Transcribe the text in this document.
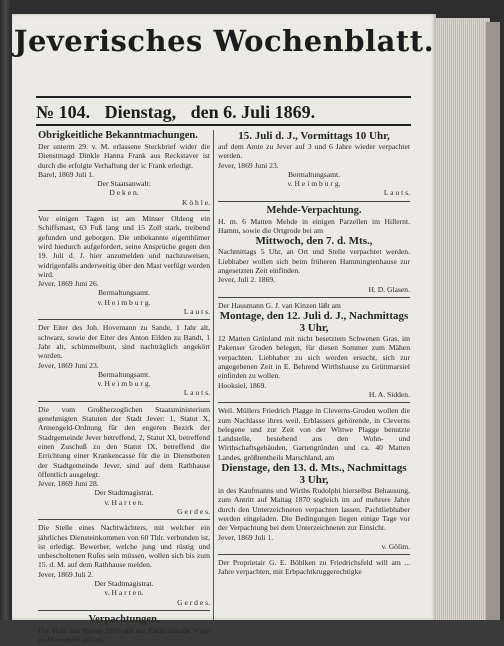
Jeverisches Wochenblatt.
№ 104. Dienstag, den 6. Juli 1869.
Obrigkeitliche Bekanntmachungen.

Der unterm 29. v. M. erlassene Steckbrief wider die Dienstmagd Dinkle Hanna Frank aus Reckstaver ist durch die erfolgte Verhaftung der ic Frank erledigt.

Barel, 1869 Juli 1.
Der Staatsanwalt:
D e k e n.
K ö h l e.

Vor einigen Tagen ist am Minser Oldeog ein Schiffsmast, 63 Fuß lang und 15 Zoll stark, treibend gefunden und geborgen. Die unbekannte eigenthümer wird hiedurch aufgefordert, seine Ansprüche gegen den 19. Juli d. J. hier anzumelden und nachzuweisen, widrigenfalls anderweitig über den Mast verfügt werden wird.

Jever, 1869 Juni 26.
Bermaltungsamt.
v. H e i m b u r g.
L a u t s.

Der Eiter des Joh. Hovemann zu Sande, 1 Jahr alt, schwarz, sowie der Eiter des Anton Eilden zu Bandt, 1 Jahr alt, schimmelbunt, sind nachträglich angekört worden.

Jever, 1869 Juni 23.
Bermaltungsamt.
v. H e i m b u r g.
L a u t s.

Die vom Großherzoglichen Staatsministerium genehmigten Statuten der Stadt Jever: 1, Statut X, Armengeld-Ordnung für den engeren Bezirk der Stadtgemeinde Jever betreffend, 2, Statut XI, betreffend einen Zuschuß zu den Statut IX, betreffend die Errichtung einer Krankencasse für die in Dienstboten der Stadtgemeinde Jever, sind auf dem Rathhause öffentlich ausgelegt.

Jever, 1869 Juni 28.
Der Stadtmagistrat.
v. H a r t e n.
G e r d e s.

Die Stelle eines Nachtwächters, mit welcher ein jährliches Diensteinkommen von 60 Thlr. verbunden ist, ist erledigt. Bewerber, welche jung und rüstig und unbescholtenen Rufes sein müssen, wollen sich bis zum 15. d. M. auf dem Rathhause melden.

Jever, 1869 Juli 2.
Der Stadtmagistrat.
v. H a r t e n.
G e r d e s.
Verpachtungen.

Der Holz mit Raitag 1870 auf der Pacht tzleude Wage zu Mariensiel soll am

15. Juli d. J., Vormittags 10 Uhr,

auf dem Amte zu Jever auf 3 und 6 Jahre wieder verpachtet werden.

Jever, 1869 Juni 23.
Bermaltungsamt.
v. H e i m b u r g.
L a u t s.
Mehde-Verpachtung.

H. m. 6 Matten Mehde in einigen Parzellen im Hillernt. Hamm, sowie die Ortgrode bei am

Mittwoch, den 7. d. Mts.,

Nachmittags 5 Uhr, an Ort und Stelle verpachtet werden. Liebhaber wollen sich beim früheren Hammingtenhause zur angesetzten Zeit einfinden.

Jever, Juli 2. 1869.
H. D. Glasen.

Der Hausmann G. J. van Kinzen läßt am

Montage, den 12. Juli d. J., Nachmittags 3 Uhr,

12 Matten Grünland mit nicht besetztem Schwenen Gras, im Pakenser Groden belegen, für diesen Sommer zum Mähen verpachten. Liebhaber zu sich werden ersucht, sich zur angegebenen Zeit in E. Behrend Wirthshause zu Grüttmarsiel einfinden zu wollen.

Hooksiel, 1869.
H. A. Sidden.

Weil. Müllers Friedrich Plagge in Cleverns-Groden wollen die zum Nachlasse ihres weil. Erblassers gehörende, in Cleverns belegene und zur Zeit von der Wittwe Plagge benutzte Landstelle, bestehend aus den Wohn- und Wirthschaftsgebäuden, Gartengründen und ca. 40 Matten Landes, größtentheils Marschland, am

Dienstage, den 13. d. Mts., Nachmittags 3 Uhr,

in des Kaufmanns und Wirths Rudolphi hierselbst Behausung, zum Antritt auf Maitag 1870 sogleich im auf mehrere Jahre durch den Unterzeichneten verpachten lassen. Pachtliebhaber werden eingeladen. Die Bedingungen liegen einige Tage vor der Verpachtung bei dem Unterzeichneten zur Einsicht.

Jever, 1869 Juli 1.
v. Gölim.

Der Proprietair G. E. Böhlken zu Friedrichsfeld will am ... Jahre verpachten, mit Erbpachtkruggerechtigke
